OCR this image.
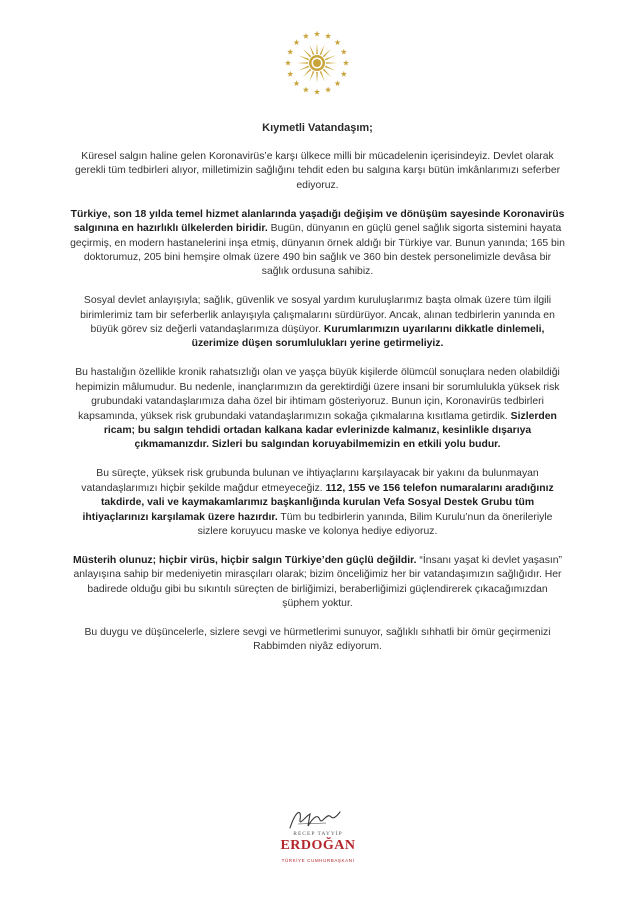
Kıymetli Vatandaşım;

Küresel salgın haline gelen Koronavirüs’e karşı ülkece milli bir mücadelenin içerisindeyiz. Devlet olarak gerekli tüm tedbirleri alıyor, milletimizin sağlığını tehdit eden bu salgına karşı bütün imkânlarımızı seferber ediyoruz.

Türkiye, son 18 yılda temel hizmet alanlarında yaşadığı değişim ve dönüşüm sayesinde Koronavirüs salgınına en hazırlıklı ülkelerden biridir. Bugün, dünyanın en güçlü genel sağlık sigorta sistemini hayata geçirmiş, en modern hastanelerini inşa etmiş, dünyanın örnek aldığı bir Türkiye var. Bunun yanında; 165 bin doktorumuz, 205 bini hemşire olmak üzere 490 bin sağlık ve 360 bin destek personelimizle devâsa bir sağlık ordusuna sahibiz.

Sosyal devlet anlayışıyla; sağlık, güvenlik ve sosyal yardım kuruluşlarımız başta olmak üzere tüm ilgili birimlerimiz tam bir seferberlik anlayışıyla çalışmalarını sürdürüyor. Ancak, alınan tedbirlerin yanında en büyük görev siz değerli vatandaşlarımıza düşüyor. Kurumlarımızın uyarılarını dikkatle dinlemeli, üzerimize düşen sorumlulukları yerine getirmeliyiz.

Bu hastalığın özellikle kronik rahatsızlığı olan ve yaşça büyük kişilerde ölümcül sonuçlara neden olabildiği hepimizin mâlumudur. Bu nedenle, inançlarımızın da gerektirdiği üzere insani bir sorumlulukla yüksek risk grubundaki vatandaşlarımıza daha özel bir ihtimam gösteriyoruz. Bunun için, Koronavirüs tedbirleri kapsamında, yüksek risk grubundaki vatandaşlarımızın sokağa çıkmalarına kısıtlama getirdik. Sizlerden ricam; bu salgın tehdidi ortadan kalkana kadar evlerinizde kalmanız, kesinlikle dışarıya çıkmamanızdır. Sizleri bu salgından koruyabilmemizin en etkili yolu budur.

Bu süreçte, yüksek risk grubunda bulunan ve ihtiyaçlarını karşılayacak bir yakını da bulunmayan vatandaşlarımızı hiçbir şekilde mağdur etmeyeceğiz. 112, 155 ve 156 telefon numaralarını aradığınız takdirde, vali ve kaymakamlarımız başkanlığında kurulan Vefa Sosyal Destek Grubu tüm ihtiyaçlarınızı karşılamak üzere hazırdır. Tüm bu tedbirlerin yanında, Bilim Kurulu’nun da önerileriyle sizlere koruyucu maske ve kolonya hediye ediyoruz.

Müsterih olunuz; hiçbir virüs, hiçbir salgın Türkiye’den güçlü değildir. “İnsanı yaşat ki devlet yaşasın” anlayışına sahip bir medeniyetin mirasçıları olarak; bizim önceliğimiz her bir vatandaşımızın sağlığıdır. Her badirede olduğu gibi bu sıkıntılı süreçten de birliğimizi, beraberliğimizi güçlendirerek çıkacağımızdan şüphem yoktur.

Bu duygu ve düşüncelerle, sizlere sevgi ve hürmetlerimi sunuyor, sağlıklı sıhhatli bir ömür geçirmenizi Rabbimden niyâz ediyorum.

RECEP TAYYİP
ERDOĞAN
TÜRKİYE CUMHURBAŞKANI
